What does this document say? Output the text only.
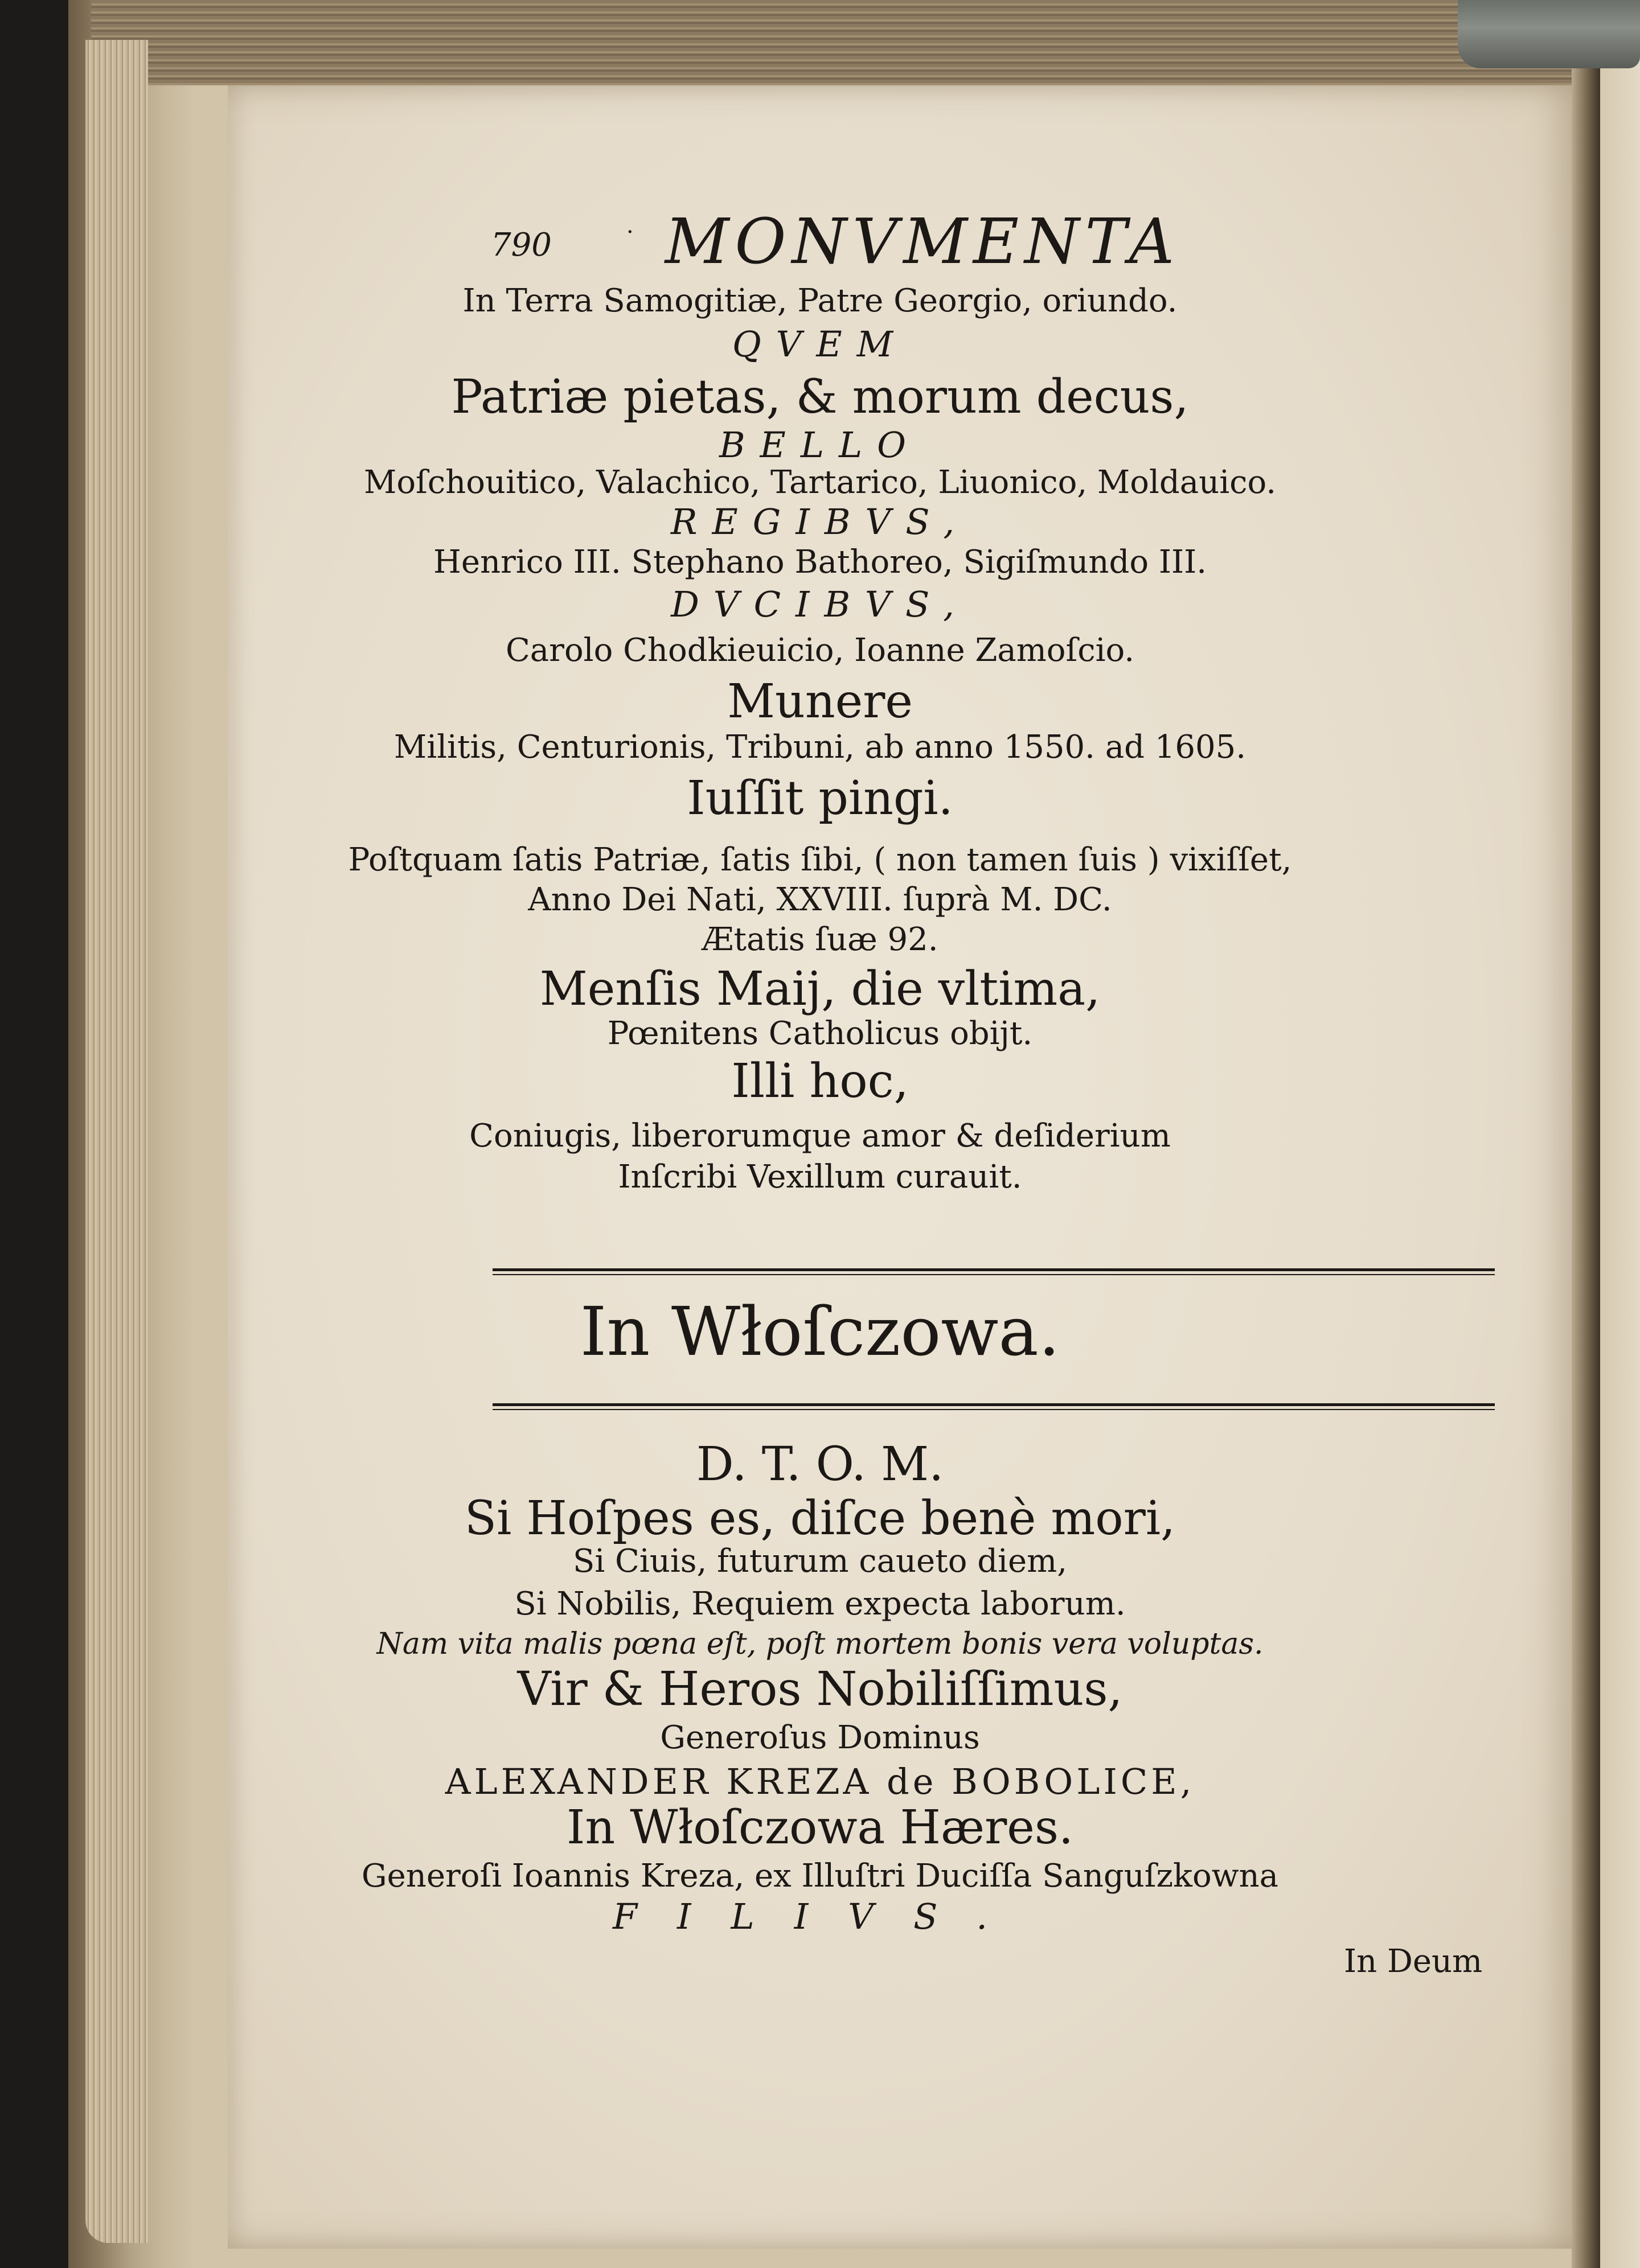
790	· MONVMENTA
In Terra Samogitiæ, Patre Georgio, oriundo.
QVEM
Patriæ pietas, & morum decus,
BELLO
Moſchouitico, Valachico, Tartarico, Liuonico, Moldauico.
REGIBVS,
Henrico III. Stephano Bathoreo, Sigiſmundo III.
DVCIBVS,
Carolo Chodkieuicio, Ioanne Zamoſcio.
Munere
Militis, Centurionis, Tribuni, ab anno 1550. ad 1605.
Iuſſit pingi.
Poſtquam ſatis Patriæ, ſatis ſibi, ( non tamen ſuis ) vixiſſet,
Anno Dei Nati, XXVIII. ſuprà M. DC.
Ætatis ſuæ 92.
Menſis Maij, die vltima,
Pœnitens Catholicus obijt.
Illi hoc,
Coniugis, liberorumque amor & deſiderium
Inſcribi Vexillum curauit.
In Włoſczowa.
D. T. O. M.
Si Hoſpes es, diſce benè mori,
Si Ciuis, futurum caueto diem,
Si Nobilis, Requiem expecta laborum.
Nam vita malis pœna eſt, poſt mortem bonis vera voluptas.
Vir & Heros Nobiliſſimus,
Generoſus Dominus
ALEXANDER KREZA de BOBOLICE,
In Włoſczowa Hæres.
Generoſi Ioannis Kreza, ex Illuſtri Duciſſa Sanguſzkowna
FILIVS.
In Deum
